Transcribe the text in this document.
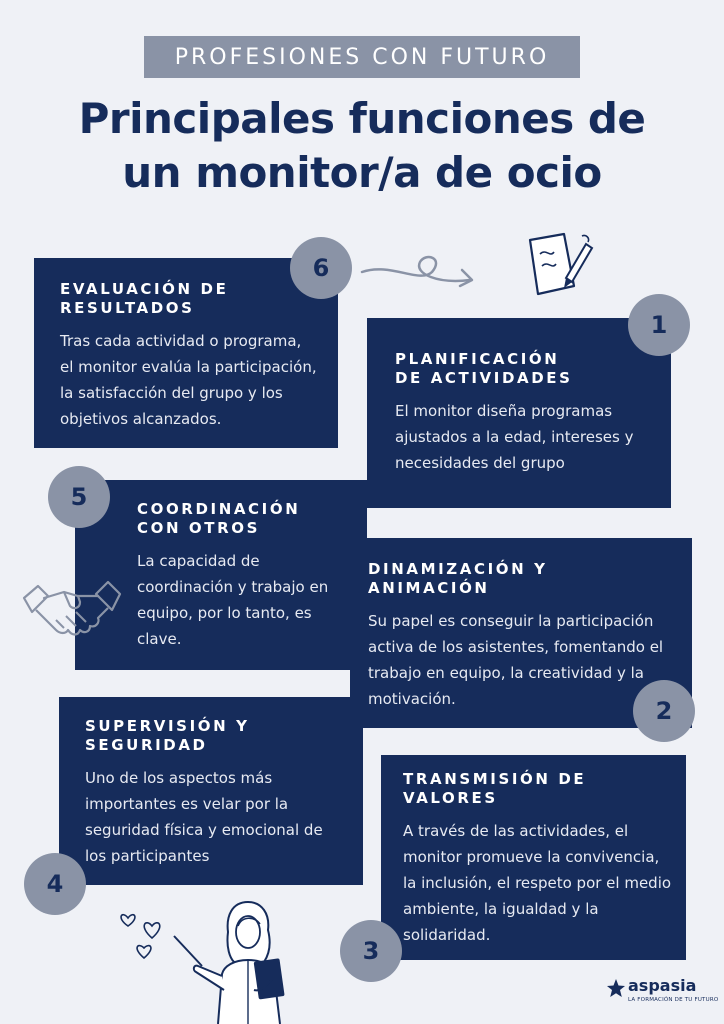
PROFESIONES CON FUTURO
Principales funciones de
un monitor/a de ocio
EVALUACIÓN DE
RESULTADOS

Tras cada actividad o programa, el monitor evalúa la participación, la satisfacción del grupo y los objetivos alcanzados.

6
PLANIFICACIÓN
DE ACTIVIDADES

El monitor diseña programas ajustados a la edad, intereses y necesidades del grupo

1
COORDINACIÓN
CON OTROS

La capacidad de coordinación y trabajo en equipo, por lo tanto, es clave.

5
DINAMIZACIÓN Y
ANIMACIÓN

Su papel es conseguir la participación activa de los asistentes, fomentando el trabajo en equipo, la creatividad y la motivación.	2
SUPERVISIÓN Y
SEGURIDAD

Uno de los aspectos más importantes es velar por la seguridad física y emocional de los participantes

4
TRANSMISIÓN DE
VALORES

A través de las actividades, el monitor promueve la convivencia, la inclusión, el respeto por el medio ambiente, la igualdad y la solidaridad.

3
aspasia
LA FORMACIÓN DE TU FUTURO
